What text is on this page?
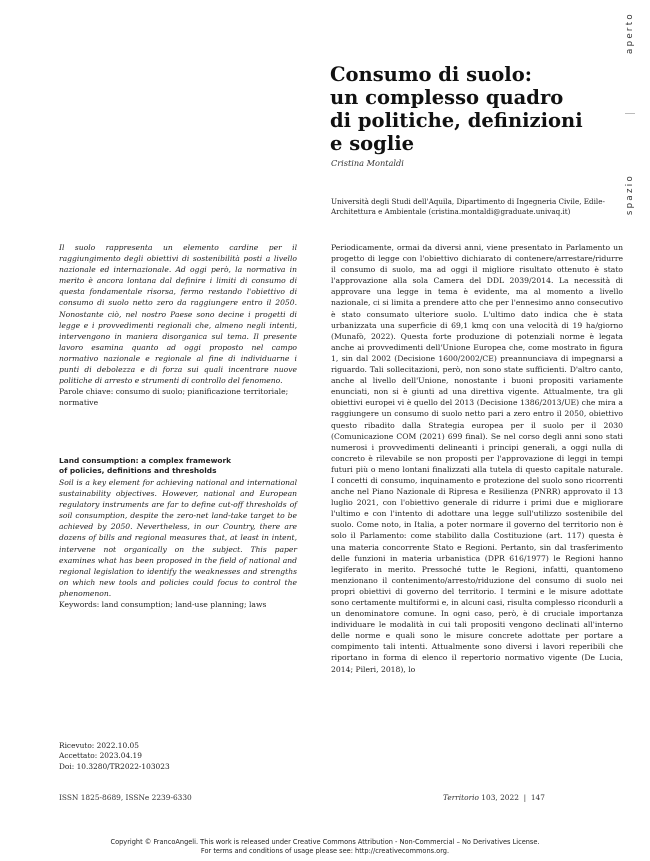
aperto
spazio
Consumo di suolo:
un complesso quadro
di politiche, definizioni
e soglie
Cristina Montaldi
Università degli Studi dell'Aquila, Dipartimento di Ingegneria Civile, Edile-Architettura e Ambientale (cristina.montaldi@graduate.univaq.it)

Il suolo rappresenta un elemento cardine per il raggiungimento degli obiettivi di sostenibilità posti a livello nazionale ed internazionale. Ad oggi però, la normativa in merito è ancora lontana dal definire i limiti di consumo di questa fondamentale risorsa, fermo restando l'obiettivo di consumo di suolo netto zero da raggiungere entro il 2050. Nonostante ciò, nel nostro Paese sono decine i progetti di legge e i provvedimenti regionali che, almeno negli intenti, intervengono in maniera disorganica sul tema. Il presente lavoro esamina quanto ad oggi proposto nel campo normativo nazionale e regionale al fine di individuarne i punti di debolezza e di forza sui quali incentrare nuove politiche di arresto e strumenti di controllo del fenomeno.

Parole chiave: consumo di suolo; pianificazione territoriale; normative

Land consumption: a complex framework
of policies, definitions and thresholds

Soil is a key element for achieving national and international sustainability objectives. However, national and European regulatory instruments are far to define cut-off thresholds of soil consumption, despite the zero-net land-take target to be achieved by 2050. Nevertheless, in our Country, there are dozens of bills and regional measures that, at least in intent, intervene not organically on the subject. This paper examines what has been proposed in the field of national and regional legislation to identify the weaknesses and strengths on which new tools and policies could focus to control the phenomenon.

Keywords: land consumption; land-use planning; laws

Ricevuto: 2022.10.05
Accettato: 2023.04.19
Doi: 10.3280/TR2022-103023

Periodicamente, ormai da diversi anni, viene presentato in Parlamento un progetto di legge con l'obiettivo dichiarato di contenere/arrestare/ridurre il consumo di suolo, ma ad oggi il migliore risultato ottenuto è stato l'approvazione alla sola Camera del DDL 2039/2014. La necessità di approvare una legge in tema è evidente, ma al momento a livello nazionale, ci si limita a prendere atto che per l'ennesimo anno consecutivo è stato consumato ulteriore suolo. L'ultimo dato indica che è stata urbanizzata una superficie di 69,1 kmq con una velocità di 19 ha/giorno (Munafò, 2022). Questa forte produzione di potenziali norme è legata anche ai provvedimenti dell'Unione Europea che, come mostrato in figura 1, sin dal 2002 (Decisione 1600/2002/CE) preannunciava di impegnarsi a riguardo. Tali sollecitazioni, però, non sono state sufficienti. D'altro canto, anche al livello dell'Unione, nonostante i buoni propositi variamente enunciati, non si è giunti ad una direttiva vigente. Attualmente, tra gli obiettivi europei vi è quello del 2013 (Decisione 1386/2013/UE) che mira a raggiungere un consumo di suolo netto pari a zero entro il 2050, obiettivo questo ribadito dalla Strategia europea per il suolo per il 2030 (Comunicazione COM (2021) 699 final). Se nel corso degli anni sono stati numerosi i provvedimenti delineanti i principi generali, a oggi nulla di concreto è rilevabile se non proposti per l'approvazione di leggi in tempi futuri più o meno lontani finalizzati alla tutela di questo capitale naturale. I concetti di consumo, inquinamento e protezione del suolo sono ricorrenti anche nel Piano Nazionale di Ripresa e Resilienza (PNRR) approvato il 13 luglio 2021, con l'obiettivo generale di ridurre i primi due e migliorare l'ultimo e con l'intento di adottare una legge sull'utilizzo sostenibile del suolo. Come noto, in Italia, a poter normare il governo del territorio non è solo il Parlamento: come stabilito dalla Costituzione (art. 117) questa è una materia concorrente Stato e Regioni. Pertanto, sin dal trasferimento delle funzioni in materia urbanistica (DPR 616/1977) le Regioni hanno legiferato in merito. Pressoché tutte le Regioni, infatti, quantomeno menzionano il contenimento/arresto/riduzione del consumo di suolo nei propri obiettivi di governo del territorio. I termini e le misure adottate sono certamente multiformi e, in alcuni casi, risulta complesso ricondurli a un denominatore comune. In ogni caso, però, è di cruciale importanza individuare le modalità in cui tali propositi vengono declinati all'interno delle norme e quali sono le misure concrete adottate per portare a compimento tali intenti. Attualmente sono diversi i lavori reperibili che riportano in forma di elenco il repertorio normativo vigente (De Lucia, 2014; Pileri, 2018), lo

ISSN 1825-8689, ISSNe 2239-6330	Territorio 103, 2022  |  147
Copyright © FrancoAngeli. This work is released under Creative Commons Attribution - Non-Commercial – No Derivatives License.
For terms and conditions of usage please see: http://creativecommons.org.
